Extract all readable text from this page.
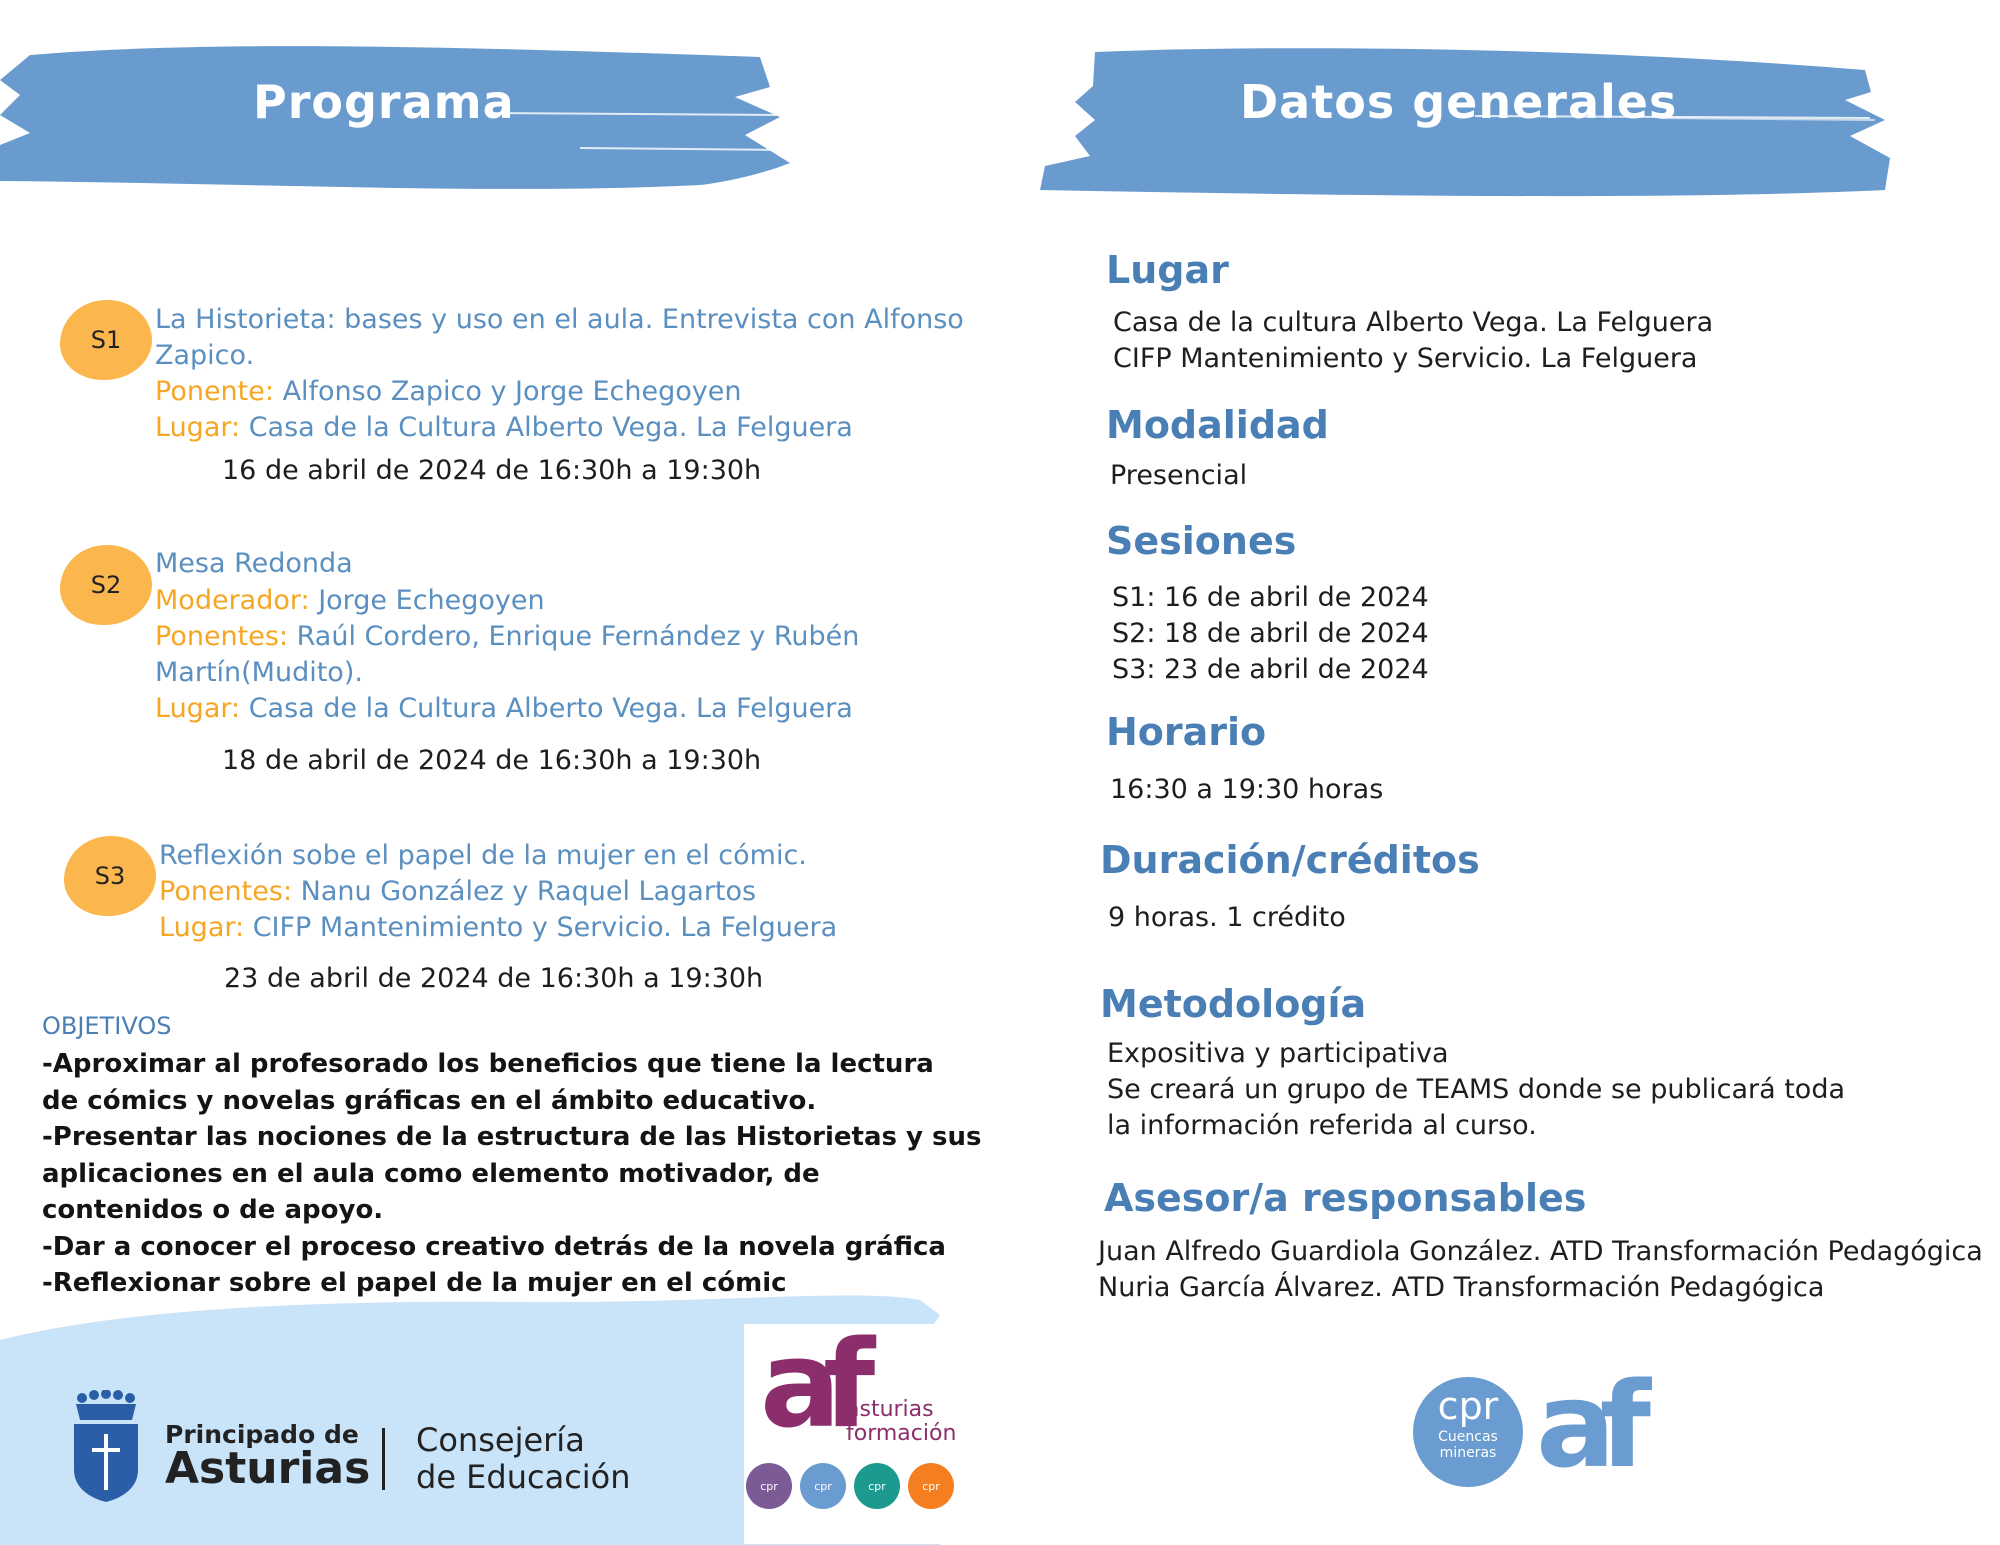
Programa	Datos generales
S1
La Historieta: bases y uso en el aula. Entrevista con Alfonso
Zapico.
Ponente: Alfonso Zapico y Jorge Echegoyen
Lugar: Casa de la Cultura Alberto Vega. La Felguera
16 de abril de 2024 de 16:30h a 19:30h
S2
Mesa Redonda
Moderador: Jorge Echegoyen
Ponentes: Raúl Cordero, Enrique Fernández y Rubén
Martín(Mudito).
Lugar: Casa de la Cultura Alberto Vega. La Felguera
18 de abril de 2024 de 16:30h a 19:30h
S3
Reflexión sobe el papel de la mujer en el cómic.
Ponentes: Nanu González y Raquel Lagartos
Lugar: CIFP Mantenimiento y Servicio. La Felguera
23 de abril de 2024 de 16:30h a 19:30h
OBJETIVOS
-Aproximar al profesorado los beneficios que tiene la lectura
de cómics y novelas gráficas en el ámbito educativo.
-Presentar las nociones de la estructura de las Historietas y sus
aplicaciones en el aula como elemento motivador, de
contenidos o de apoyo.
-Dar a conocer el proceso creativo detrás de la novela gráfica
-Reflexionar sobre el papel de la mujer en el cómic
Principado de
Asturias
Consejería
de Educación
af
asturias
formación
cpr	cpr	cpr	cpr
Lugar
Casa de la cultura Alberto Vega. La Felguera
CIFP Mantenimiento y Servicio. La Felguera
Modalidad
Presencial
Sesiones
S1: 16 de abril de 2024
S2: 18 de abril de 2024
S3: 23 de abril de 2024
Horario
16:30 a 19:30 horas
Duración/créditos
9 horas. 1 crédito
Metodología
Expositiva y participativa
Se creará un grupo de TEAMS donde se publicará toda
la información referida al curso.
Asesor/a responsables
Juan Alfredo Guardiola González. ATD Transformación Pedagógica
Nuria García Álvarez. ATD Transformación Pedagógica
cpr
Cuencas
mineras af
